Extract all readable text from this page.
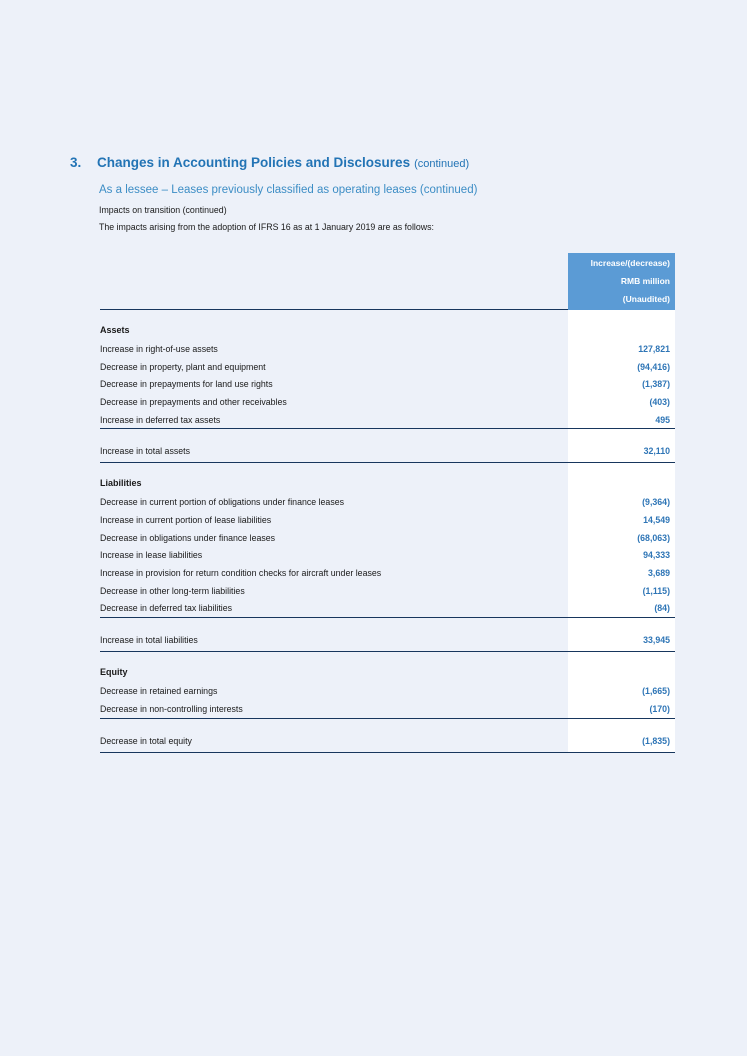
3.	Changes in Accounting Policies and Disclosures (continued)
As a lessee – Leases previously classified as operating leases (continued)
Impacts on transition (continued)
The impacts arising from the adoption of IFRS 16 as at 1 January 2019 are as follows:
Increase/(decrease)
RMB million
(Unaudited)
Assets
Increase in right-of-use assets	127,821
Decrease in property, plant and equipment	(94,416)
Decrease in prepayments for land use rights	(1,387)
Decrease in prepayments and other receivables	(403)
Increase in deferred tax assets	495
Increase in total assets	32,110
Liabilities
Decrease in current portion of obligations under finance leases	(9,364)
Increase in current portion of lease liabilities	14,549
Decrease in obligations under finance leases	(68,063)
Increase in lease liabilities	94,333
Increase in provision for return condition checks for aircraft under leases	3,689
Decrease in other long-term liabilities	(1,115)
Decrease in deferred tax liabilities	(84)
Increase in total liabilities	33,945
Equity
Decrease in retained earnings	(1,665)
Decrease in non-controlling interests	(170)
Decrease in total equity	(1,835)
